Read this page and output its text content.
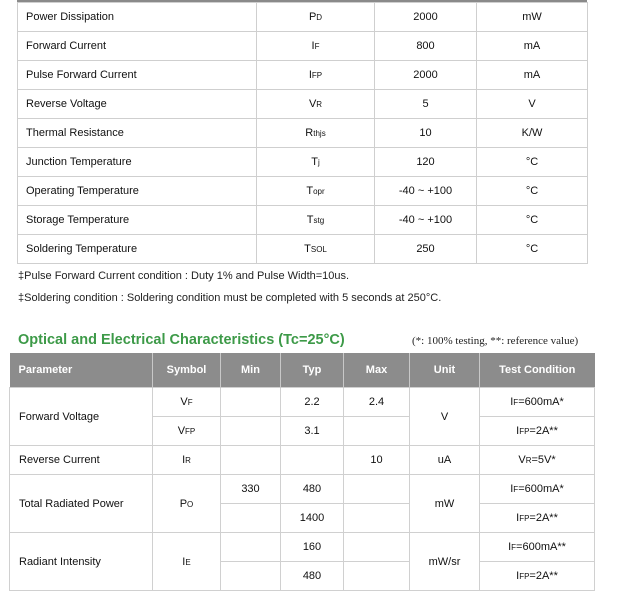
Power Dissipation	PD	2000	mW
Forward Current	IF	800	mA
Pulse Forward Current	IFP	2000	mA
Reverse Voltage	VR	5	V
Thermal Resistance	Rthjs	10	K/W
Junction Temperature	Tj	120	°C
Operating Temperature	Topr	-40 ~ +100	°C
Storage Temperature	Tstg	-40 ~ +100	°C
Soldering Temperature	TSOL	250	°C
‡Pulse Forward Current condition : Duty 1% and Pulse Width=10us.
‡Soldering condition : Soldering condition must be completed with 5 seconds at 250°C.
Optical and Electrical Characteristics (Tc=25°C)	(*: 100% testing, **: reference value)
Parameter	Symbol	Min	Typ	Max	Unit	Test Condition
Forward Voltage	VF		2.2	2.4	V	IF=600mA*
	VFP		3.1			IFP=2A**
Reverse Current	IR			10	uA	VR=5V*
Total Radiated Power	PO	330	480		mW	IF=600mA*
			1400			IFP=2A**
Radiant Intensity	IE		160		mW/sr	IF=600mA**
			480			IFP=2A**
